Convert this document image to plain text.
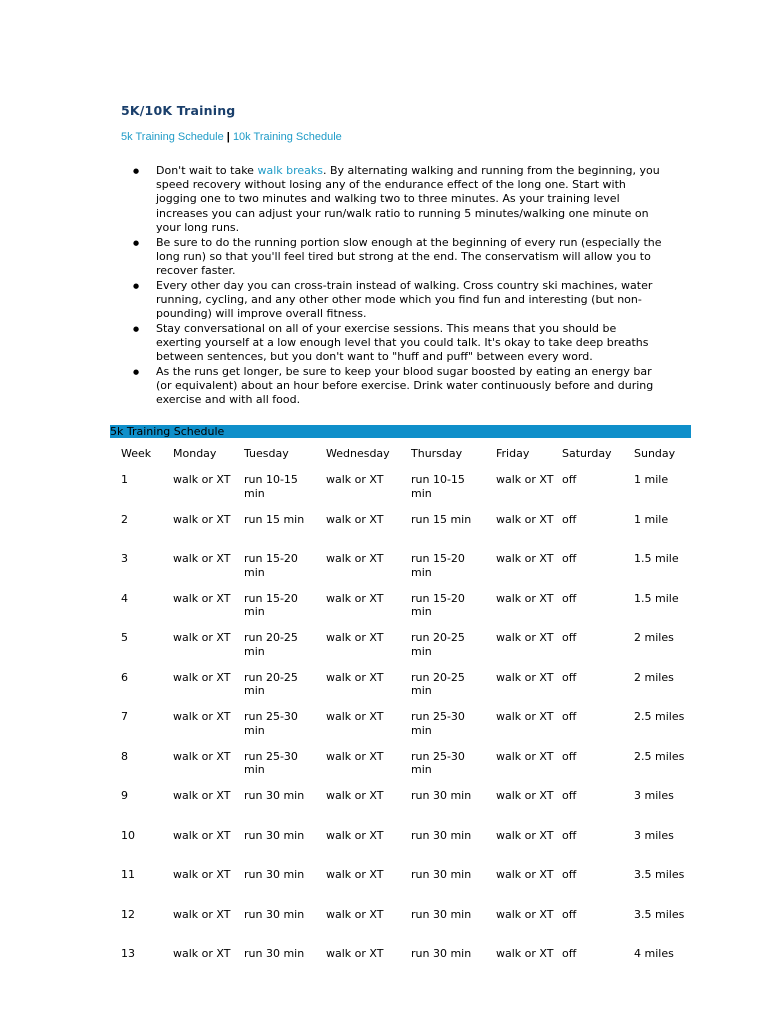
5K/10K Training
5k Training Schedule | 10k Training Schedule
● Don't wait to take walk breaks. By alternating walking and running from the beginning, you speed recovery without losing any of the endurance effect of the long one. Start with jogging one to two minutes and walking two to three minutes. As your training level increases you can adjust your run/walk ratio to running 5 minutes/walking one minute on your long runs.
● Be sure to do the running portion slow enough at the beginning of every run (especially the long run) so that you'll feel tired but strong at the end. The conservatism will allow you to recover faster.
● Every other day you can cross-train instead of walking. Cross country ski machines, water running, cycling, and any other other mode which you find fun and interesting (but non-pounding) will improve overall fitness.
● Stay conversational on all of your exercise sessions. This means that you should be exerting yourself at a low enough level that you could talk. It's okay to take deep breaths between sentences, but you don't want to "huff and puff" between every word.
● As the runs get longer, be sure to keep your blood sugar boosted by eating an energy bar (or equivalent) about an hour before exercise. Drink water continuously before and during exercise and with all food.
5k Training Schedule
Week	Monday	Tuesday	Wednesday	Thursday	Friday	Saturday	Sunday
1	walk or XT	run 10-15 min	walk or XT	run 10-15 min	walk or XT	off	1 mile
2	walk or XT	run 15 min	walk or XT	run 15 min	walk or XT	off	1 mile
3	walk or XT	run 15-20 min	walk or XT	run 15-20 min	walk or XT	off	1.5 mile
4	walk or XT	run 15-20 min	walk or XT	run 15-20 min	walk or XT	off	1.5 mile
5	walk or XT	run 20-25 min	walk or XT	run 20-25 min	walk or XT	off	2 miles
6	walk or XT	run 20-25 min	walk or XT	run 20-25 min	walk or XT	off	2 miles
7	walk or XT	run 25-30 min	walk or XT	run 25-30 min	walk or XT	off	2.5 miles
8	walk or XT	run 25-30 min	walk or XT	run 25-30 min	walk or XT	off	2.5 miles
9	walk or XT	run 30 min	walk or XT	run 30 min	walk or XT	off	3 miles
10	walk or XT	run 30 min	walk or XT	run 30 min	walk or XT	off	3 miles
11	walk or XT	run 30 min	walk or XT	run 30 min	walk or XT	off	3.5 miles
12	walk or XT	run 30 min	walk or XT	run 30 min	walk or XT	off	3.5 miles
13	walk or XT	run 30 min	walk or XT	run 30 min	walk or XT	off	4 miles
